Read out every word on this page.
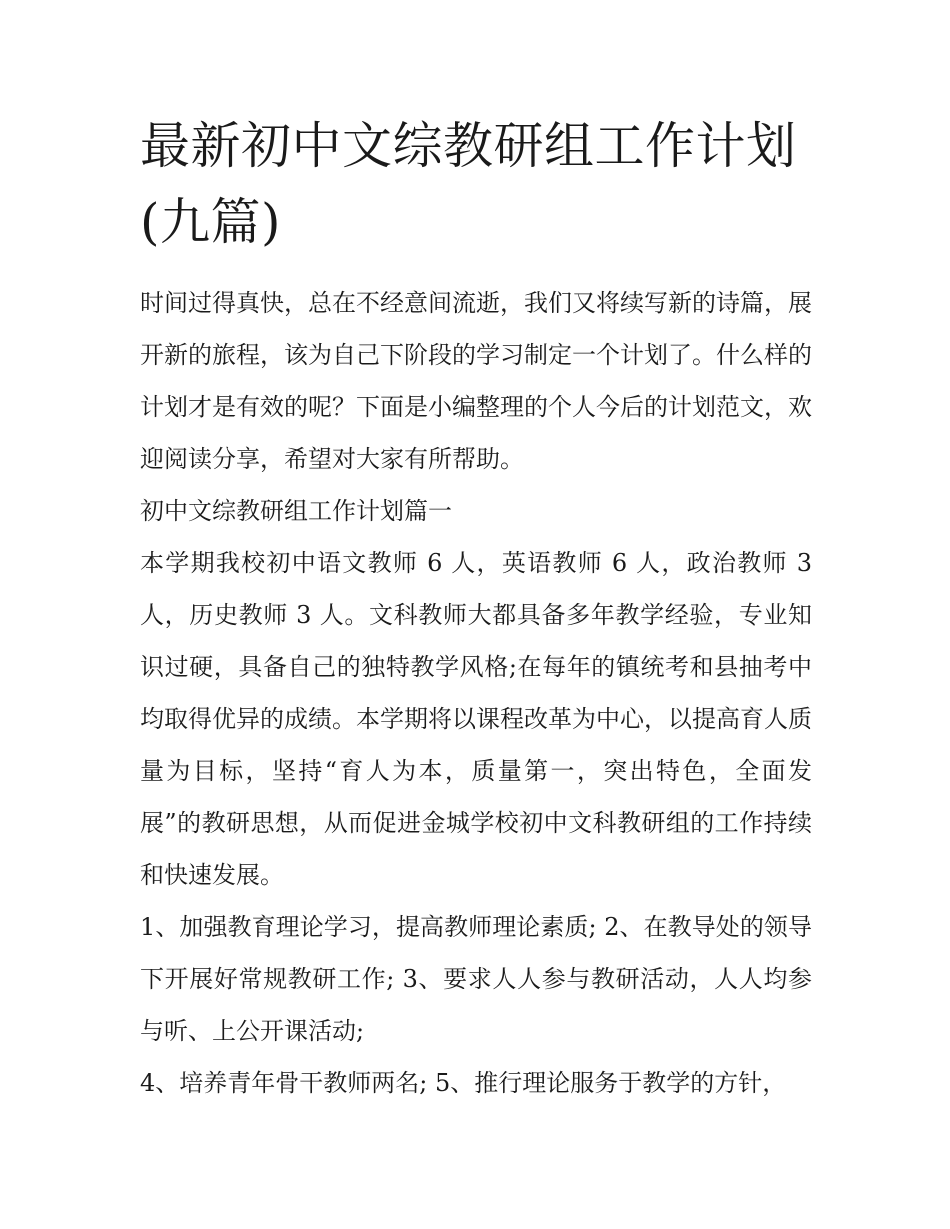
最新初中文综教研组工作计划(九篇)

时间过得真快，总在不经意间流逝，我们又将续写新的诗篇，展开新的旅程，该为自己下阶段的学习制定一个计划了。什么样的计划才是有效的呢？下面是小编整理的个人今后的计划范文，欢迎阅读分享，希望对大家有所帮助。

初中文综教研组工作计划篇一

本学期我校初中语文教师 6 人，英语教师 6 人，政治教师 3 人，历史教师 3 人。文科教师大都具备多年教学经验，专业知识过硬，具备自己的独特教学风格;在每年的镇统考和县抽考中均取得优异的成绩。本学期将以课程改革为中心，以提高育人质量为目标，坚持“育人为本，质量第一，突出特色，全面发展”的教研思想，从而促进金城学校初中文科教研组的工作持续和快速发展。

1、加强教育理论学习，提高教师理论素质; 2、在教导处的领导下开展好常规教研工作; 3、要求人人参与教研活动，人人均参与听、上公开课活动;

4、培养青年骨干教师两名; 5、推行理论服务于教学的方针，
